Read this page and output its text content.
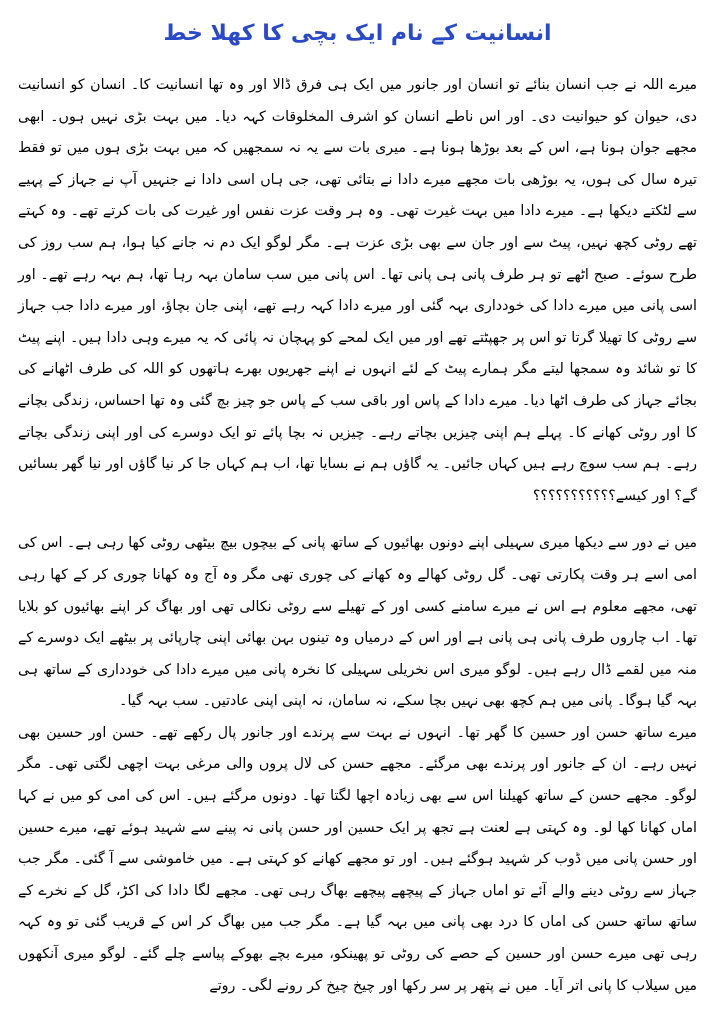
انسانیت کے نام ایک بچی کا کھلا خط

میرے اللہ نے جب انسان بنائے تو انسان اور جانور میں ایک ہی فرق ڈالا اور وہ تھا انسانیت کا۔ انسان کو انسانیت دی، حیوان کو حیوانیت دی۔ اور اس ناطے انسان کو اشرف المخلوقات کہہ دیا۔ میں بہت بڑی نہیں ہوں۔ ابھی مجھے جوان ہونا ہے، اس کے بعد بوڑھا ہونا ہے۔ میری بات سے یہ نہ سمجھیں کہ میں بہت بڑی ہوں میں تو فقط تیرہ سال کی ہوں، یہ بوڑھی بات مجھے میرے دادا نے بتائی تھی، جی ہاں اسی دادا نے جنہیں آپ نے جہاز کے پہیے سے لٹکتے دیکھا ہے۔ میرے دادا میں بہت غیرت تھی۔ وہ ہر وقت عزت نفس اور غیرت کی بات کرتے تھے۔ وہ کہتے تھے روٹی کچھ نہیں، پیٹ سے اور جان سے بھی بڑی عزت ہے۔ مگر لوگو ایک دم نہ جانے کیا ہوا، ہم سب روز کی طرح سوئے۔ صبح اٹھے تو ہر طرف پانی ہی پانی تھا۔ اس پانی میں سب سامان بہہ رہا تھا، ہم بہہ رہے تھے۔ اور اسی پانی میں میرے دادا کی خودداری بہہ گئی اور میرے دادا کہہ رہے تھے، اپنی جان بچاؤ، اور میرے دادا جب جہاز سے روٹی کا تھیلا گرتا تو اس پر جھپٹتے تھے اور میں ایک لمحے کو پہچان نہ پائی کہ یہ میرے وہی دادا ہیں۔ اپنے پیٹ کا تو شائد وہ سمجھا لیتے مگر ہمارے پیٹ کے لئے انہوں نے اپنے جھریوں بھرے ہاتھوں کو اللہ کی طرف اٹھانے کی بجائے جہاز کی طرف اٹھا دیا۔ میرے دادا کے پاس اور باقی سب کے پاس جو چیز بچ گئی وہ تھا احساس، زندگی بچانے کا اور روٹی کھانے کا۔ پہلے ہم اپنی چیزیں بچاتے رہے۔ چیزیں نہ بچا پائے تو ایک دوسرے کی اور اپنی زندگی بچاتے رہے۔ ہم سب سوچ رہے ہیں کہاں جائیں۔ یہ گاؤں ہم نے بسایا تھا، اب ہم کہاں جا کر نیا گاؤں اور نیا گھر بسائیں گے؟ اور کیسے؟؟؟؟؟؟؟؟؟؟؟

میں نے دور سے دیکھا میری سہیلی اپنے دونوں بھائیوں کے ساتھ پانی کے بیچوں بیچ بیٹھی روٹی کھا رہی ہے۔ اس کی امی اسے ہر وقت پکارتی تھی۔ گل روٹی کھالے وہ کھانے کی چوری تھی مگر وہ آج وہ کھانا چوری کر کے کھا رہی تھی، مجھے معلوم ہے اس نے میرے سامنے کسی اور کے تھیلے سے روٹی نکالی تھی اور بھاگ کر اپنے بھائیوں کو بلایا تھا۔ اب چاروں طرف پانی ہی پانی ہے اور اس کے درمیاں وہ تینوں بہن بھائی اپنی چارپائی پر بیٹھے ایک دوسرے کے منہ میں لقمے ڈال رہے ہیں۔ لوگو میری اس نخریلی سہیلی کا نخرہ پانی میں میرے دادا کی خودداری کے ساتھ ہی بہہ گیا ہوگا۔ پانی میں ہم کچھ بھی نہیں بچا سکے، نہ سامان، نہ اپنی اپنی عادتیں۔ سب بہہ گیا۔

میرے ساتھ حسن اور حسین کا گھر تھا۔ انہوں نے بہت سے پرندے اور جانور پال رکھے تھے۔ حسن اور حسین بھی نہیں رہے۔ ان کے جانور اور پرندے بھی مرگئے۔ مجھے حسن کی لال پروں والی مرغی بہت اچھی لگتی تھی۔ مگر لوگو۔ مجھے حسن کے ساتھ کھیلنا اس سے بھی زیادہ اچھا لگتا تھا۔ دونوں مرگئے ہیں۔ اس کی امی کو میں نے کہا اماں کھانا کھا لو۔ وہ کہتی ہے لعنت ہے تجھ پر ایک حسین اور حسن پانی نہ پینے سے شہید ہوئے تھے، میرے حسین اور حسن پانی میں ڈوب کر شہید ہوگئے ہیں۔ اور تو مجھے کھانے کو کہتی ہے۔ میں خاموشی سے آ گئی۔ مگر جب جہاز سے روٹی دینے والے آئے تو اماں جہاز کے پیچھے پیچھے بھاگ رہی تھی۔ مجھے لگا دادا کی اکڑ، گل کے نخرے کے ساتھ ساتھ حسن کی اماں کا درد بھی پانی میں بہہ گیا ہے۔ مگر جب میں بھاگ کر اس کے قریب گئی تو وہ کہہ رہی تھی میرے حسن اور حسین کے حصے کی روٹی تو پھینکو، میرے بچے بھوکے پیاسے چلے گئے۔ لوگو میری آنکھوں میں سیلاب کا پانی اتر آیا۔ میں نے پتھر پر سر رکھا اور چیخ چیخ کر رونے لگی۔ روتے
